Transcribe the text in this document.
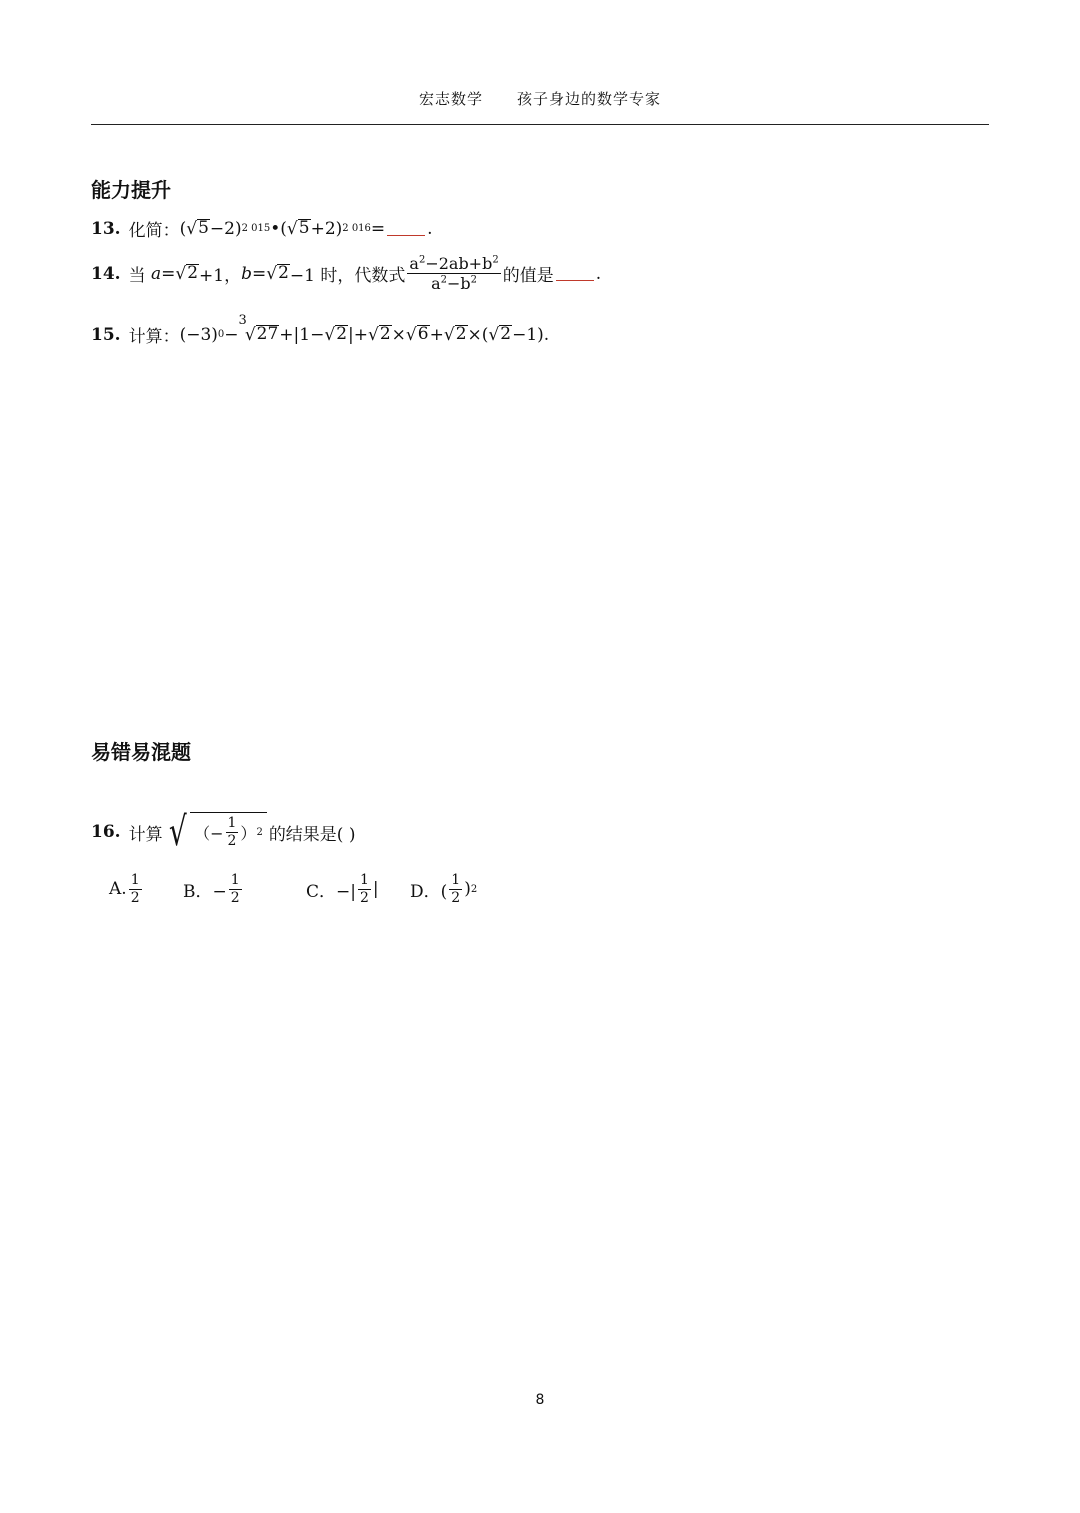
宏志数学 孩子身边的数学专家
能力提升
13. 化简： ( √ 5 −2) 2 015 • ( √ 5 +2) 2 016 = .
14. 当
a = √ 2 +1， b = √ 2 −1 时，代数式 $\frac{a^2-2ab+b^2}{a^2-b^2}$ 的值是 .
15. 计算： (−3) 0 −
3
√ 27 +|1− √ 2 |+ √ 2 × √ 6 + √ 2 ×( √ 2 −1).
易错易混题
16. 计算 √ （− $\frac{1}{2}$ ） 2 的结果是( )
A. $\frac{1}{2}$ B．− $\frac{1}{2}$	C．−| $\frac{1}{2}$ | D．( $\frac{1}{2}$ ) 2
8
